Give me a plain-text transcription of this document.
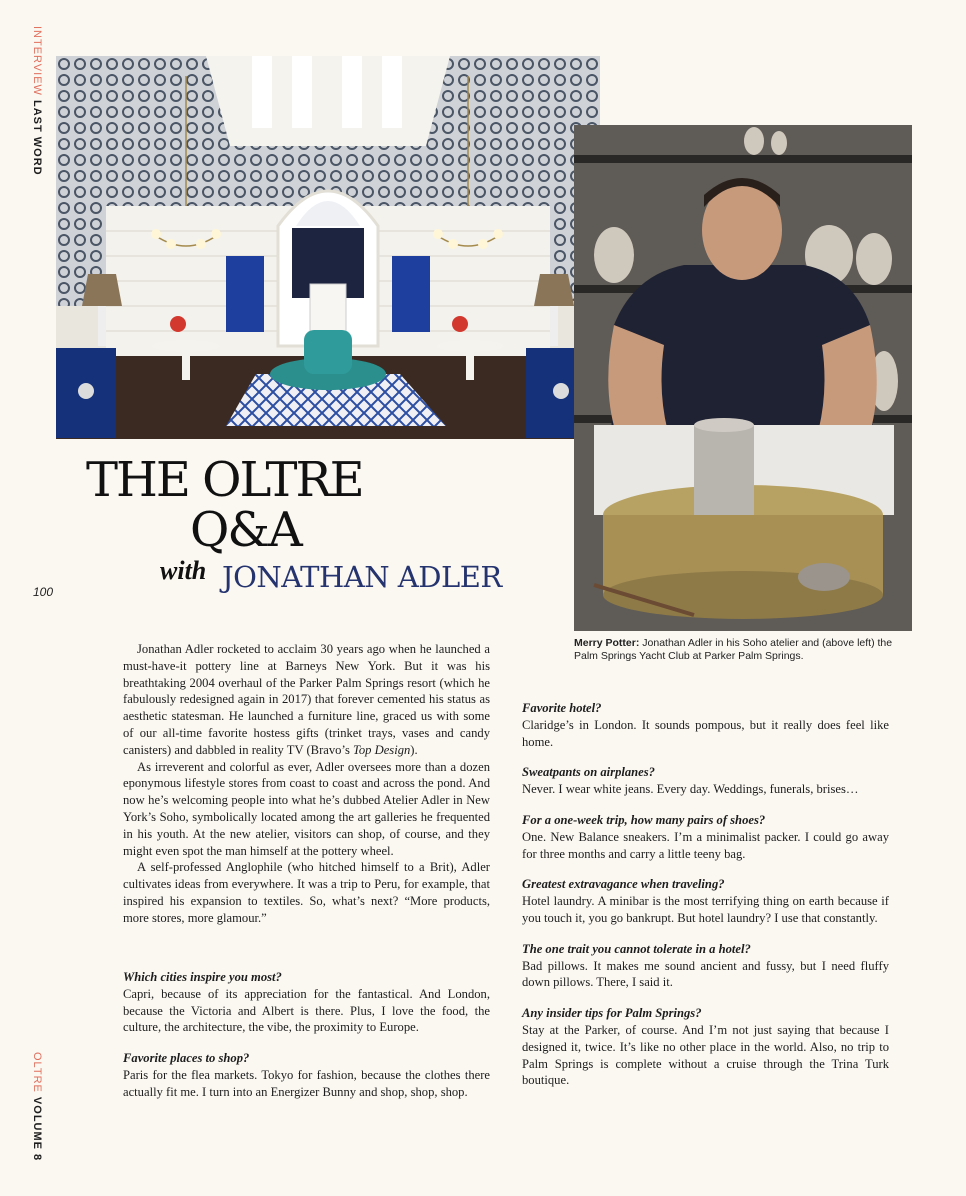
INTERVIEW LAST WORD
100
OLTRE VOLUME 8
THE OLTRE
Q&A
with JONATHAN ADLER
Merry Potter: Jonathan Adler in his Soho atelier and (above left) the Palm Springs Yacht Club at Parker Palm Springs.

Jonathan Adler rocketed to acclaim 30 years ago when he launched a must-have-it pottery line at Barneys New York. But it was his breathtaking 2004 overhaul of the Parker Palm Springs resort (which he fabulously redesigned again in 2017) that forever cemented his status as aesthetic statesman. He launched a furniture line, graced us with some of our all-time favorite hostess gifts (trinket trays, vases and candy canisters) and dabbled in reality TV (Bravo’s Top Design).

As irreverent and colorful as ever, Adler oversees more than a dozen eponymous lifestyle stores from coast to coast and across the pond. And now he’s welcoming people into what he’s dubbed Atelier Adler in New York’s Soho, symbolically located among the art galleries he frequented in his youth. At the new atelier, visitors can shop, of course, and they might even spot the man himself at the pottery wheel.

A self-professed Anglophile (who hitched himself to a Brit), Adler cultivates ideas from everywhere. It was a trip to Peru, for example, that inspired his expansion to textiles. So, what’s next? “More products, more stores, more glamour.”

Which cities inspire you most?

Capri, because of its appreciation for the fantastical. And London, because the Victoria and Albert is there. Plus, I love the food, the culture, the architecture, the vibe, the proximity to Europe.

Favorite places to shop?

Paris for the flea markets. Tokyo for fashion, because the clothes there actually fit me. I turn into an Energizer Bunny and shop, shop, shop.

Favorite hotel?

Claridge’s in London. It sounds pompous, but it really does feel like home.

Sweatpants on airplanes?

Never. I wear white jeans. Every day. Weddings, funerals, brises…

For a one-week trip, how many pairs of shoes?

One. New Balance sneakers. I’m a minimalist packer. I could go away for three months and carry a little teeny bag.

Greatest extravagance when traveling?

Hotel laundry. A minibar is the most terrifying thing on earth because if you touch it, you go bankrupt. But hotel laundry? I use that constantly.

The one trait you cannot tolerate in a hotel?

Bad pillows. It makes me sound ancient and fussy, but I need fluffy down pillows. There, I said it.

Any insider tips for Palm Springs?

Stay at the Parker, of course. And I’m not just saying that because I designed it, twice. It’s like no other place in the world. Also, no trip to Palm Springs is complete without a cruise through the Trina Turk boutique.
